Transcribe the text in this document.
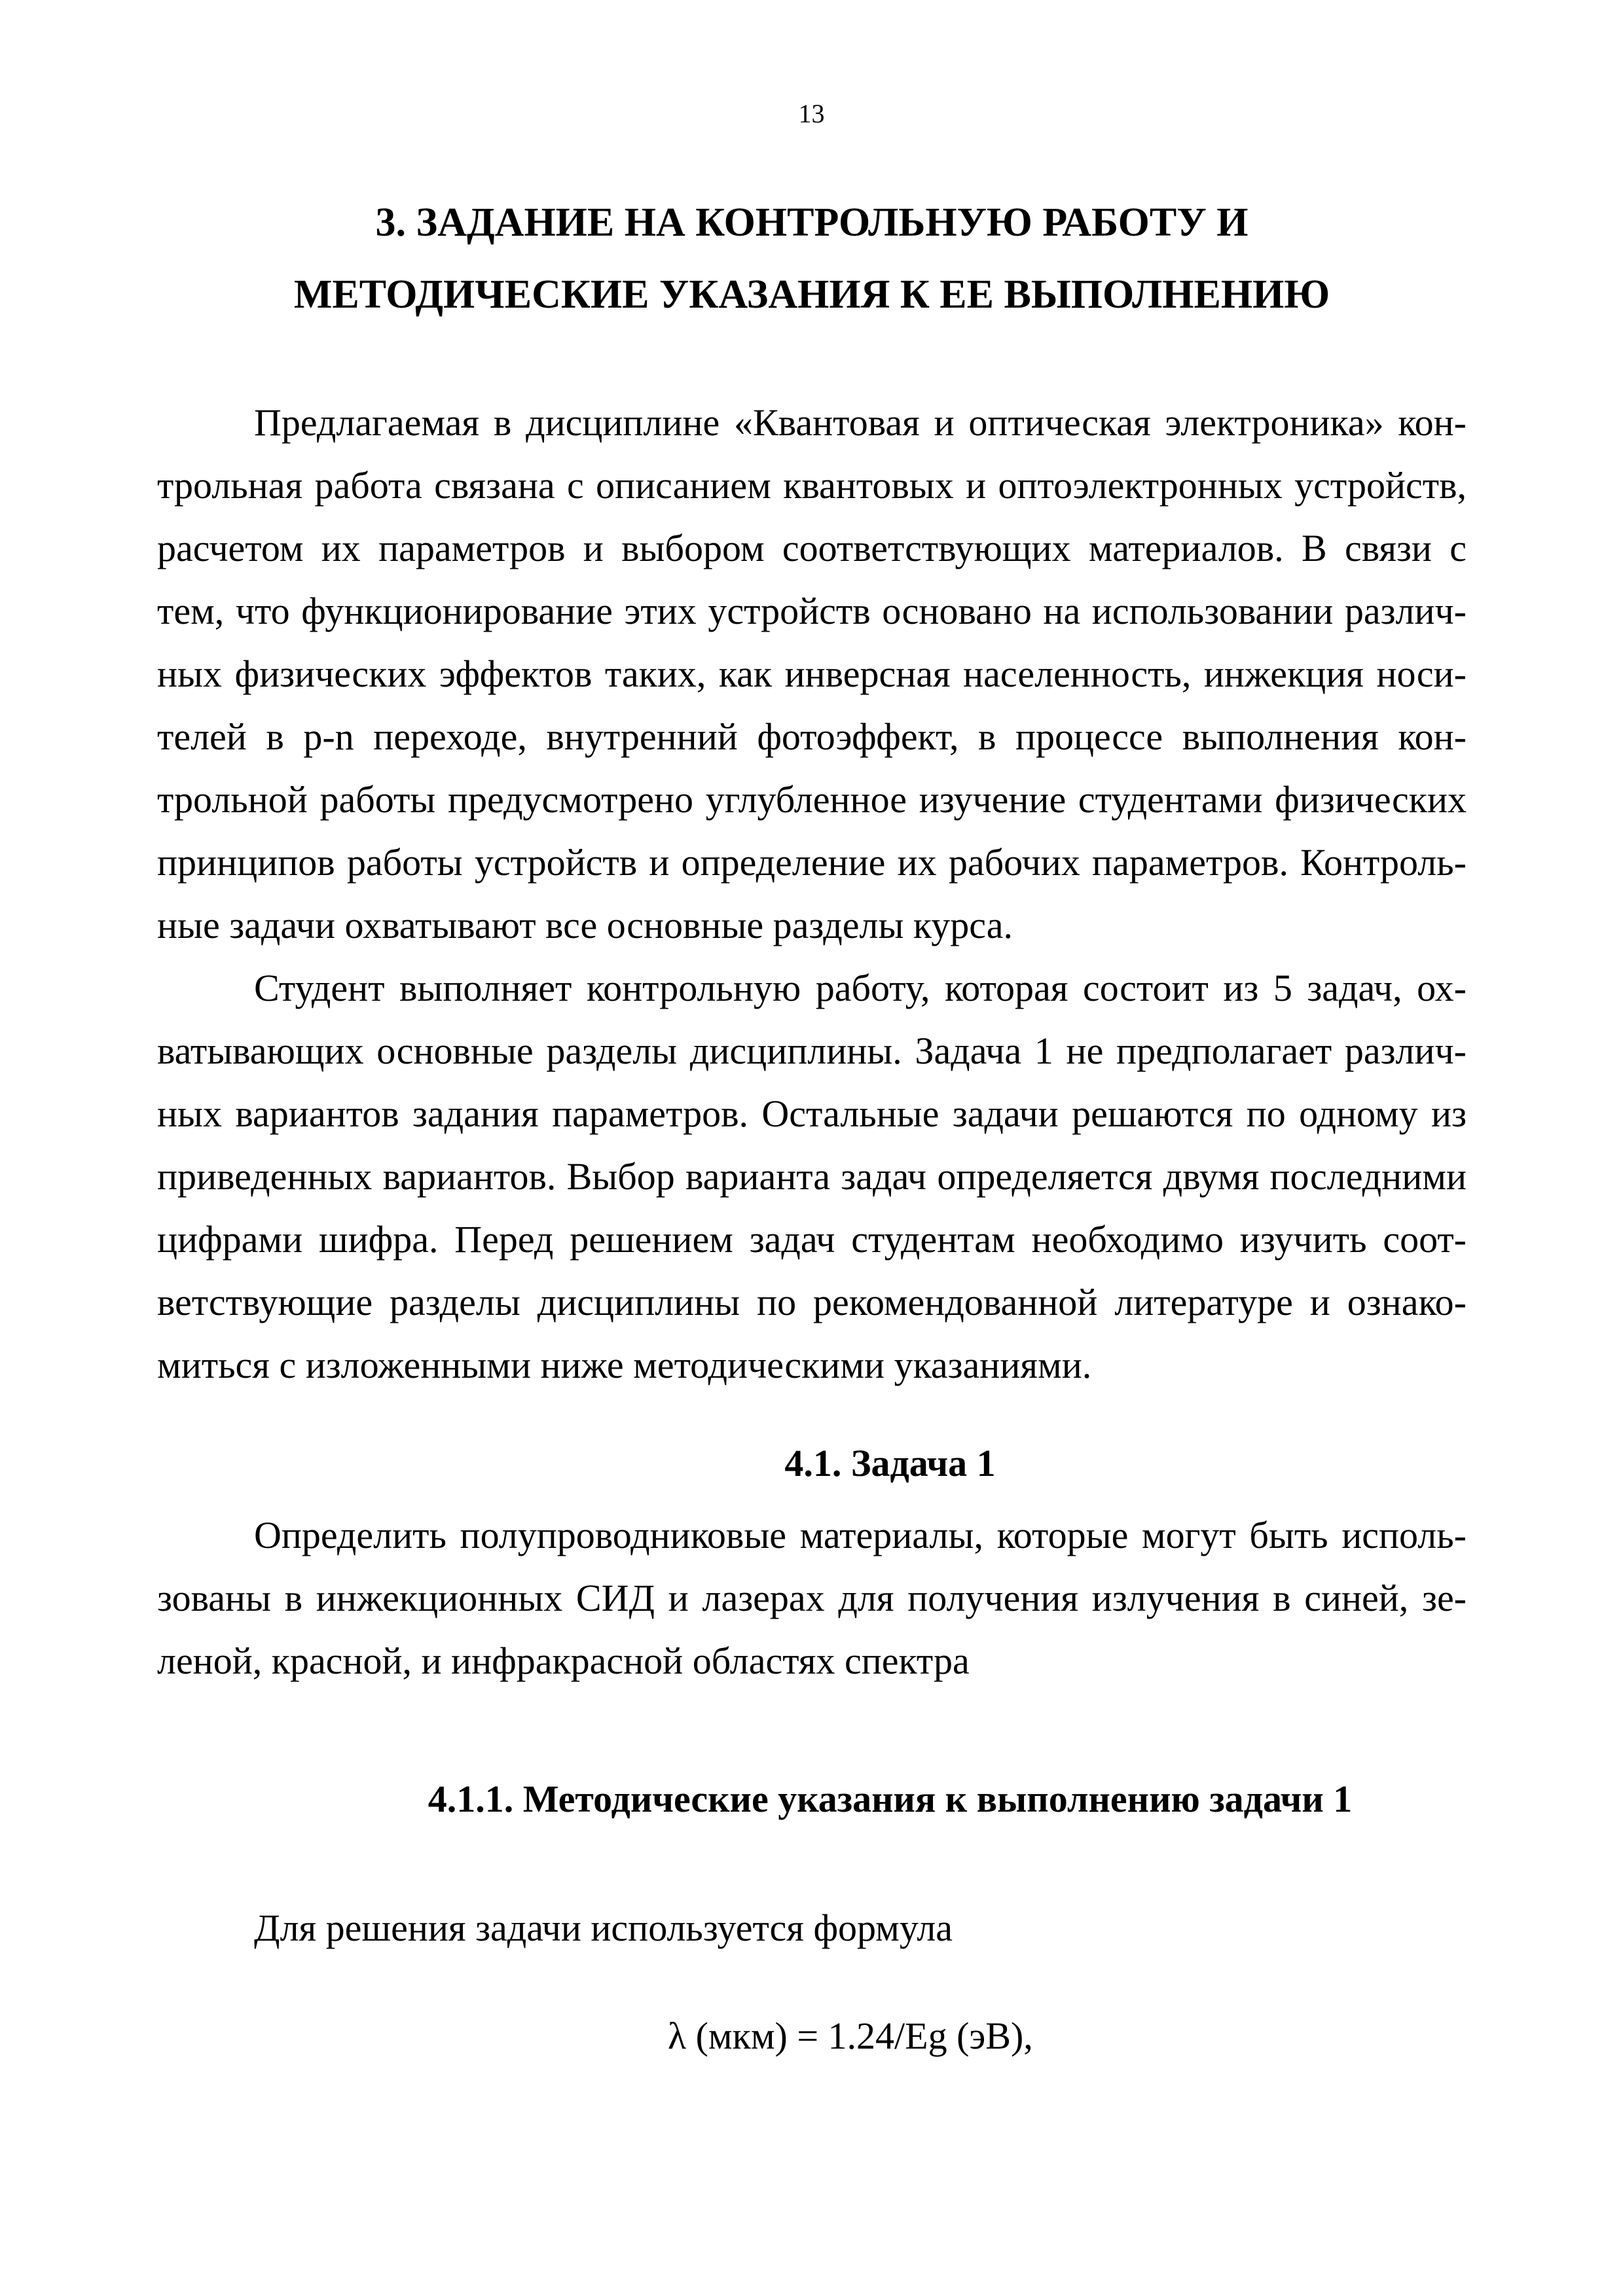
13
3. ЗАДАНИЕ НА КОНТРОЛЬНУЮ РАБОТУ И
МЕТОДИЧЕСКИЕ УКАЗАНИЯ К ЕЕ ВЫПОЛНЕНИЮ
Предлагаемая в дисциплине «Квантовая и оптическая электроника» кон-
трольная работа связана с описанием квантовых и оптоэлектронных устройств,
расчетом их параметров и выбором соответствующих материалов. В связи с
тем, что функционирование этих устройств основано на использовании различ-
ных физических эффектов таких, как инверсная населенность, инжекция носи-
телей в p-n переходе, внутренний фотоэффект, в процессе выполнения кон-
трольной работы предусмотрено углубленное изучение студентами физических
принципов работы устройств и определение их рабочих параметров. Контроль-
ные задачи охватывают все основные разделы курса.
Студент выполняет контрольную работу, которая состоит из 5 задач, ох-
ватывающих основные разделы дисциплины. Задача 1 не предполагает различ-
ных вариантов задания параметров. Остальные задачи решаются по одному из
приведенных вариантов. Выбор варианта задач определяется двумя последними
цифрами шифра. Перед решением задач студентам необходимо изучить соот-
ветствующие разделы дисциплины по рекомендованной литературе и ознако-
миться с изложенными ниже методическими указаниями.
4.1. Задача 1
Определить полупроводниковые материалы, которые могут быть исполь-
зованы в инжекционных СИД и лазерах для получения излучения в синей, зе-
леной, красной, и инфракрасной областях спектра
4.1.1. Методические указания к выполнению задачи 1
Для решения задачи используется формула
λ (мкм) = 1.24/Eg (эВ),
